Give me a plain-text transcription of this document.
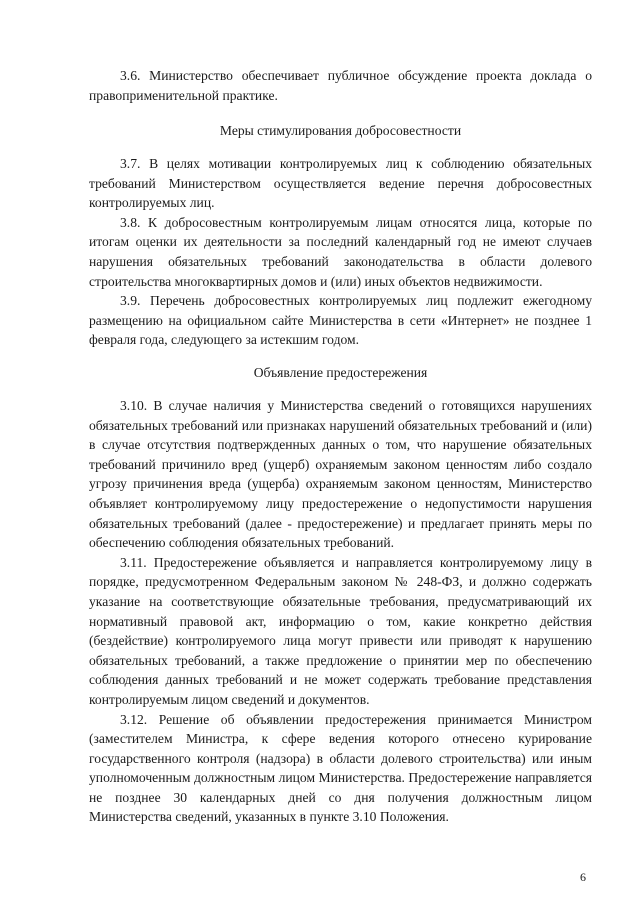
3.6. Министерство обеспечивает публичное обсуждение проекта доклада о правоприменительной практике.

Меры стимулирования добросовестности

3.7. В целях мотивации контролируемых лиц к соблюдению обязательных требований Министерством осуществляется ведение перечня добросовестных контролируемых лиц.

3.8. К добросовестным контролируемым лицам относятся лица, которые по итогам оценки их деятельности за последний календарный год не имеют случаев нарушения обязательных требований законодательства в области долевого строительства многоквартирных домов и (или) иных объектов недвижимости.

3.9. Перечень добросовестных контролируемых лиц подлежит ежегодному размещению на официальном сайте Министерства в сети «Интернет» не позднее 1 февраля года, следующего за истекшим годом.

Объявление предостережения

3.10. В случае наличия у Министерства сведений о готовящихся нарушениях обязательных требований или признаках нарушений обязательных требований и (или) в случае отсутствия подтвержденных данных о том, что нарушение обязательных требований причинило вред (ущерб) охраняемым законом ценностям либо создало угрозу причинения вреда (ущерба) охраняемым законом ценностям, Министерство объявляет контролируемому лицу предостережение о недопустимости нарушения обязательных требований (далее - предостережение) и предлагает принять меры по обеспечению соблюдения обязательных требований.

3.11. Предостережение объявляется и направляется контролируемому лицу в порядке, предусмотренном Федеральным законом № 248-ФЗ, и должно содержать указание на соответствующие обязательные требования, предусматривающий их нормативный правовой акт, информацию о том, какие конкретно действия (бездействие) контролируемого лица могут привести или приводят к нарушению обязательных требований, а также предложение о принятии мер по обеспечению соблюдения данных требований и не может содержать требование представления контролируемым лицом сведений и документов.

3.12. Решение об объявлении предостережения принимается Министром (заместителем Министра, к сфере ведения которого отнесено курирование государственного контроля (надзора) в области долевого строительства) или иным уполномоченным должностным лицом Министерства. Предостережение направляется не позднее 30 календарных дней со дня получения должностным лицом Министерства сведений, указанных в пункте 3.10 Положения.

6
